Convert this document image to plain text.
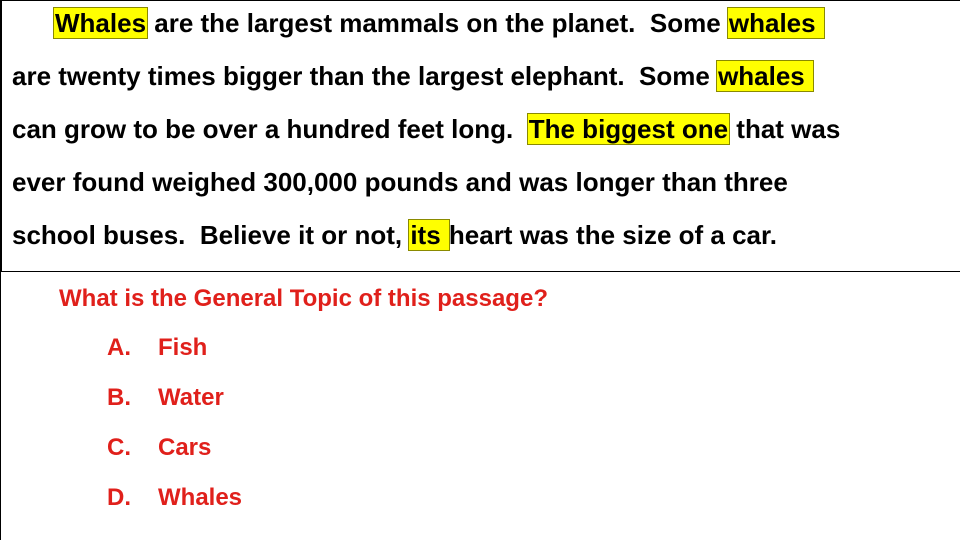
Whales are the largest mammals on the planet.  Some whales
are twenty times bigger than the largest elephant.  Some whales
can grow to be over a hundred feet long.  The biggest one that was
ever found weighed 300,000 pounds and was longer than three
school buses.  Believe it or not, its heart was the size of a car.
What is the General Topic of this passage?
A. Fish
B. Water
C. Cars
D. Whales
